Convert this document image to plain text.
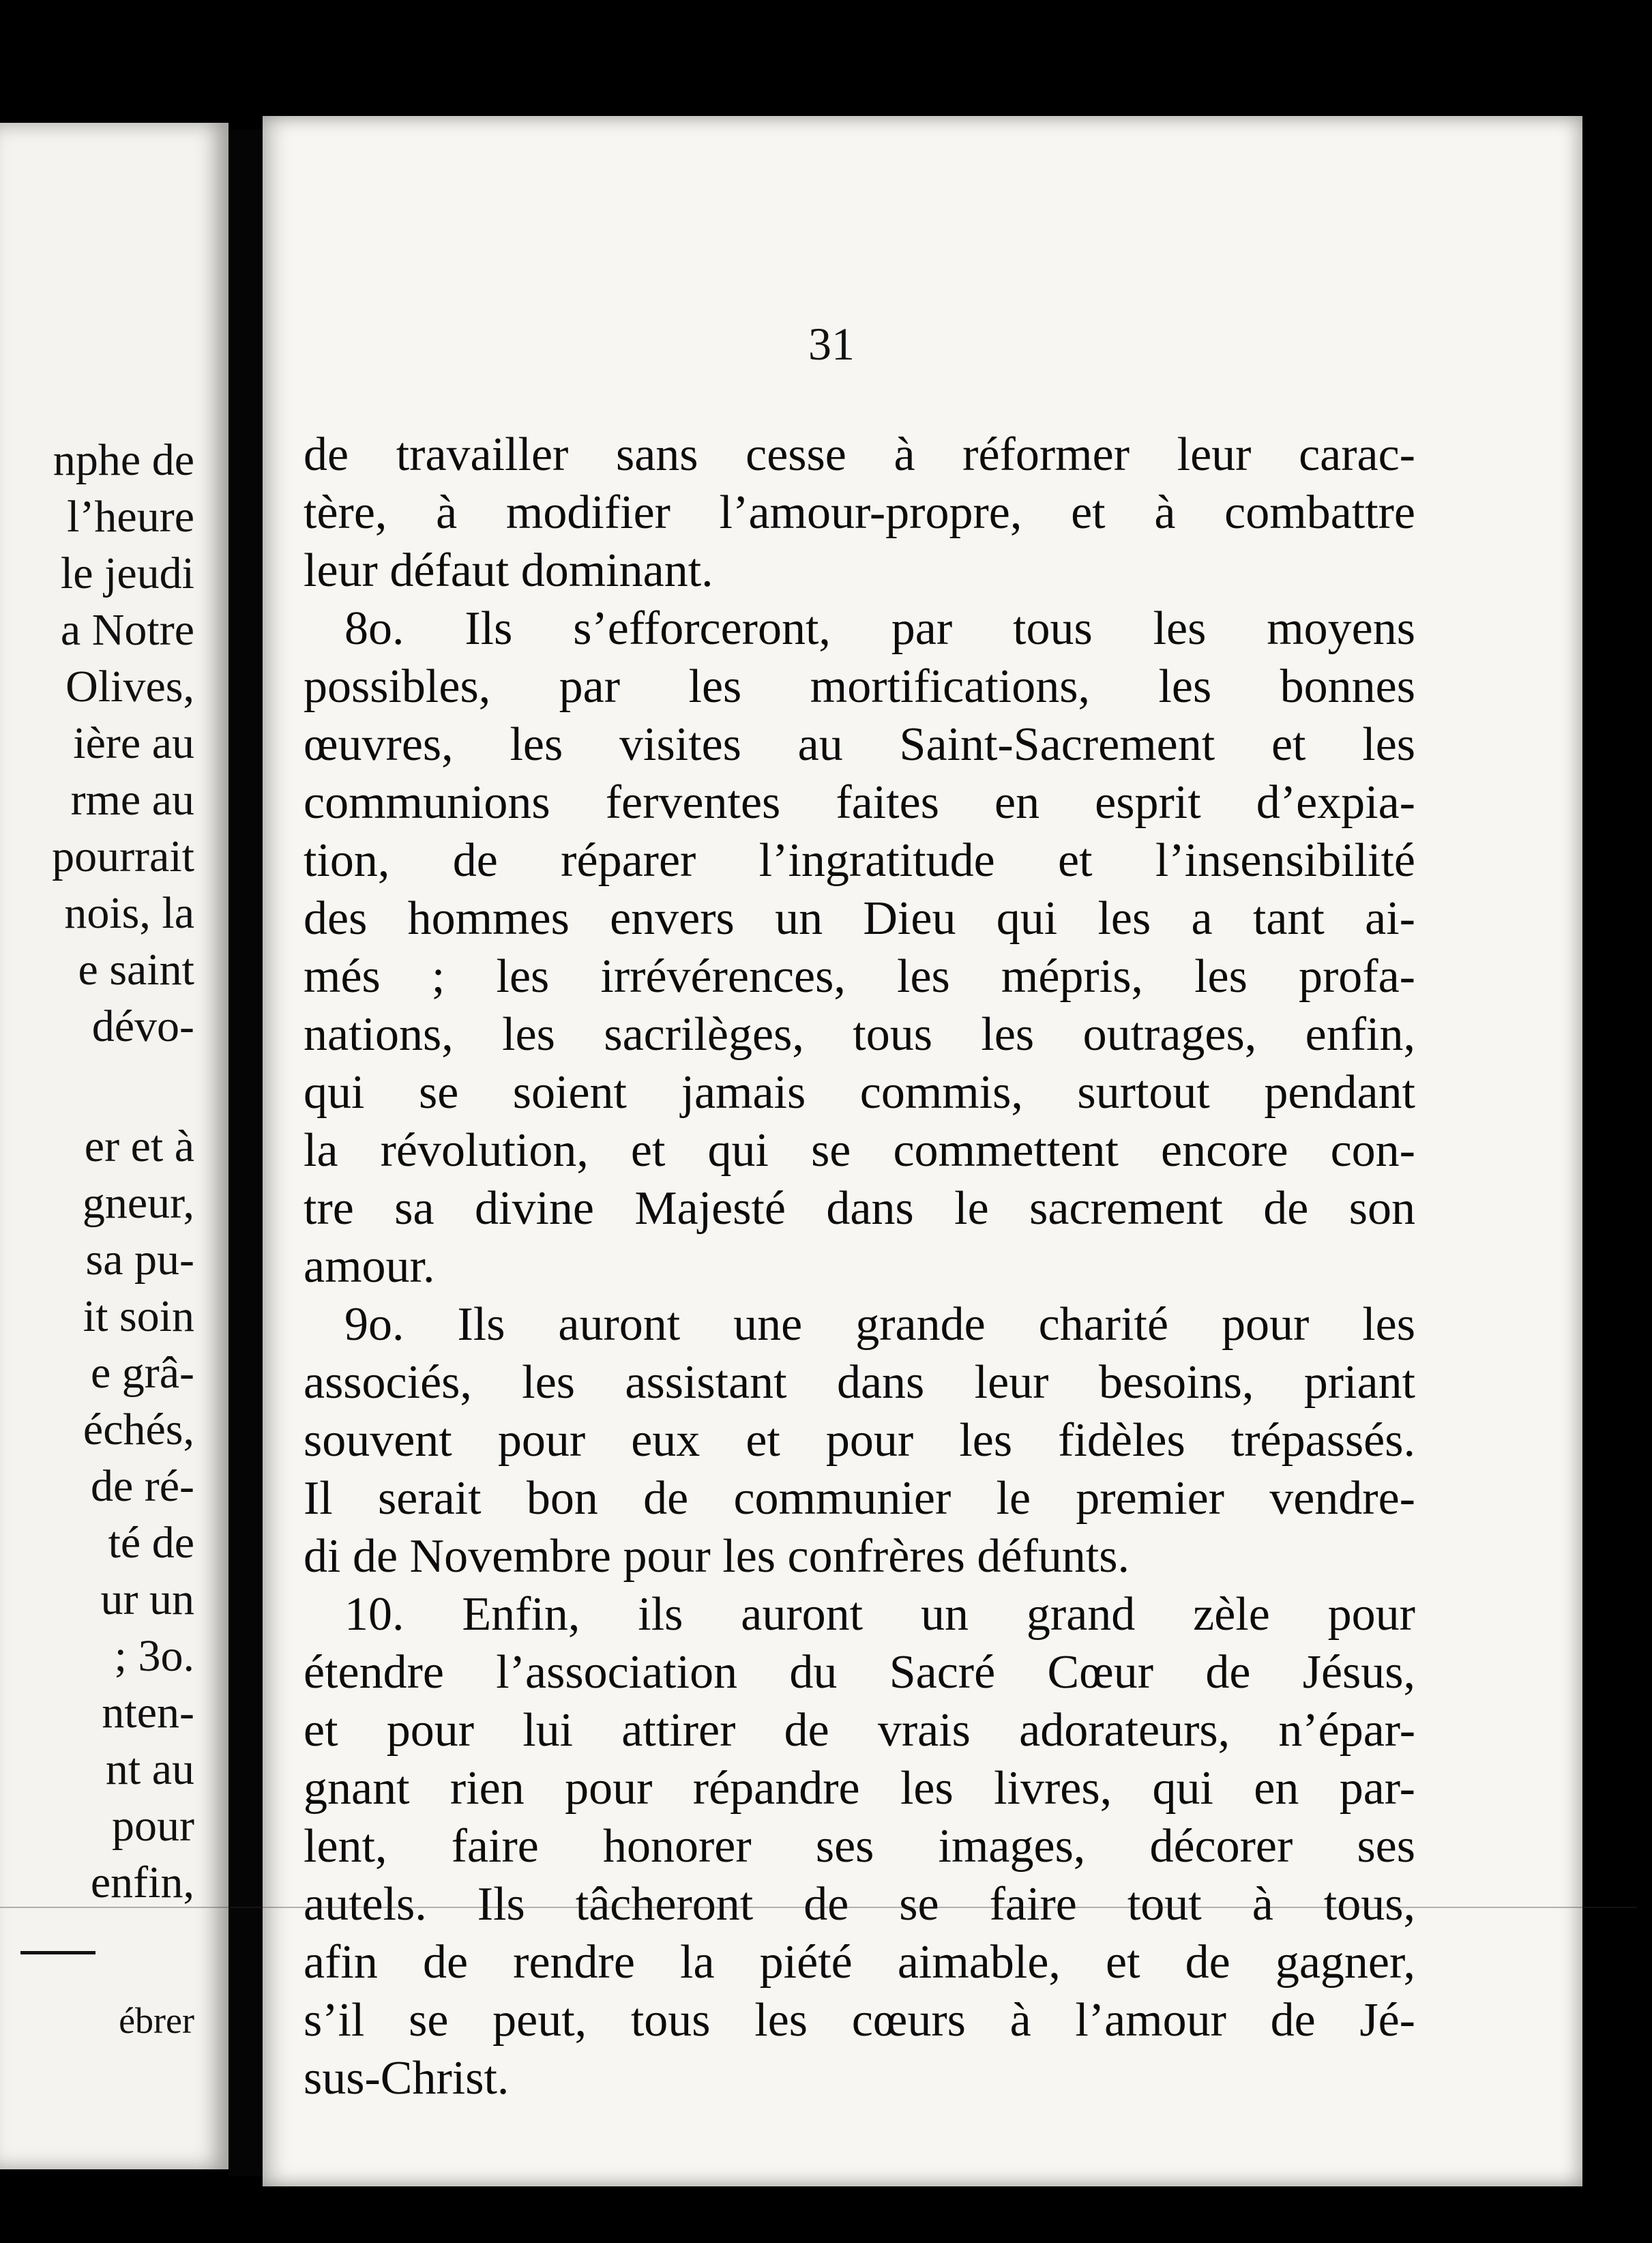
nphe de
l’heure
le jeudi
a Notre
Olives,
ière au
rme au
pourrait
nois, la
e saint
dévo-
er et à
gneur,
sa pu-
it soin
e grâ-
échés,
de ré-
té de
ur un
; 3o.
nten-
nt au
pour
enfin,
ébrer
31
de travailler sans cesse à réformer leur carac-
tère, à modifier l’amour-propre, et à combattre
leur défaut dominant.
8o. Ils s’efforceront, par tous les moyens
possibles, par les mortifications, les bonnes
œuvres, les visites au Saint-Sacrement et les
communions ferventes faites en esprit d’expia-
tion, de réparer l’ingratitude et l’insensibilité
des hommes envers un Dieu qui les a tant ai-
més ; les irrévérences, les mépris, les profa-
nations, les sacrilèges, tous les outrages, enfin,
qui se soient jamais commis, surtout pendant
la révolution, et qui se commettent encore con-
tre sa divine Majesté dans le sacrement de son
amour.
9o. Ils auront une grande charité pour les
associés, les assistant dans leur besoins, priant
souvent pour eux et pour les fidèles trépassés.
Il serait bon de communier le premier vendre-
di de Novembre pour les confrères défunts.
10. Enfin, ils auront un grand zèle pour
étendre l’association du Sacré Cœur de Jésus,
et pour lui attirer de vrais adorateurs, n’épar-
gnant rien pour répandre les livres, qui en par-
lent, faire honorer ses images, décorer ses
autels. Ils tâcheront de se faire tout à tous,
afin de rendre la piété aimable, et de gagner,
s’il se peut, tous les cœurs à l’amour de Jé-
sus-Christ.
